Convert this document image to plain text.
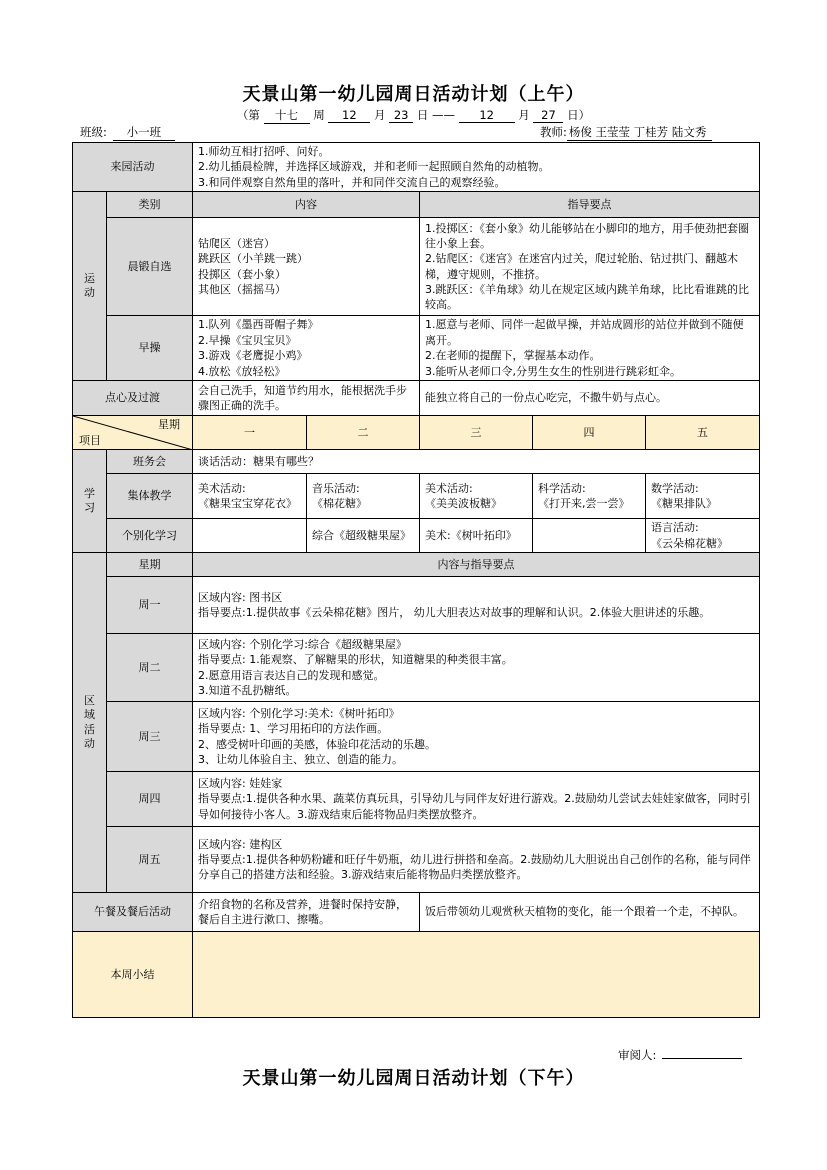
天景山第一幼儿园周日活动计划（上午）
（第 十七 周 12 月 23 日 —— 12 月 27 日）
班级: 小一班	教师: 杨俊 王莹莹 丁桂芳 陆文秀
来园活动		1.师幼互相打招呼、问好。
2.幼儿插晨检牌，并选择区域游戏，并和老师一起照顾自然角的动植物。
3.和同伴观察自然角里的落叶，并和同伴交流自己的观察经验。				

运动	类别	内容		指导要点		
	晨锻自选	钻爬区（迷宫）
跳跃区（小羊跳一跳）
投掷区（套小象）
其他区（摇摇马）		1.投掷区：《套小象》幼儿能够站在小脚印的地方，用手使劲把套圈往小象上套。
2.钻爬区：《迷宫》在迷宫内过关，爬过轮胎、钻过拱门、翻越木梯，遵守规则，不推挤。
3.跳跃区：《羊角球》幼儿在规定区域内跳羊角球，比比看谁跳的比较高。		
	早操	1.队列《墨西哥帽子舞》
2.早操《宝贝宝贝》
3.游戏《老鹰捉小鸡》
4.放松《放轻松》		1.愿意与老师、同伴一起做早操，并站成圆形的站位并做到不随便离开。
2.在老师的提醒下，掌握基本动作。
3.能听从老师口令,分男生女生的性别进行跳彩虹伞。		
点心及过渡		会自己洗手，知道节约用水，能根据洗手步骤图正确的洗手。		能独立将自己的一份点心吃完，不撒牛奶与点心。		

星期
项目		一	二	三	四	五
学习	班务会	谈话活动：糖果有哪些？				
	集体教学	美术活动:
《糖果宝宝穿花衣》	音乐活动:
《棉花糖》	美术活动:
《美美波板糖》	科学活动:
《打开来,尝一尝》	数学活动:
《糖果排队》
	个别化学习		综合《超级糖果屋》	美术:《树叶拓印》		语言活动:
《云朵棉花糖》
区域活动	星期	内容与指导要点				
	周一	区域内容: 图书区
指导要点:1.提供故事《云朵棉花糖》图片， 幼儿大胆表达对故事的理解和认识。2.体验大胆讲述的乐趣。				
	周二	区域内容: 个别化学习:综合《超级糖果屋》
指导要点: 1.能观察、了解糖果的形状，知道糖果的种类很丰富。
2.愿意用语言表达自己的发现和感觉。
3.知道不乱扔糖纸。				
	周三	区域内容: 个别化学习:美术:《树叶拓印》
指导要点: 1、学习用拓印的方法作画。
2、感受树叶印画的美感，体验印花活动的乐趣。
3、让幼儿体验自主、独立、创造的能力。				
	周四	区域内容: 娃娃家
指导要点:1.提供各种水果、蔬菜仿真玩具，引导幼儿与同伴友好进行游戏。2.鼓励幼儿尝试去娃娃家做客，同时引导如何接待小客人。3.游戏结束后能将物品归类摆放整齐。				
	周五	区域内容: 建构区
指导要点:1.提供各种奶粉罐和旺仔牛奶瓶，幼儿进行拼搭和垒高。2.鼓励幼儿大胆说出自己创作的名称，能与同伴分享自己的搭建方法和经验。3.游戏结束后能将物品归类摆放整齐。				
午餐及餐后活动		介绍食物的名称及营养，进餐时保持安静，餐后自主进行漱口、擦嘴。		饭后带领幼儿观赏秋天植物的变化，能一个跟着一个走，不掉队。		
本周小结						
审阅人:
天景山第一幼儿园周日活动计划（下午）
